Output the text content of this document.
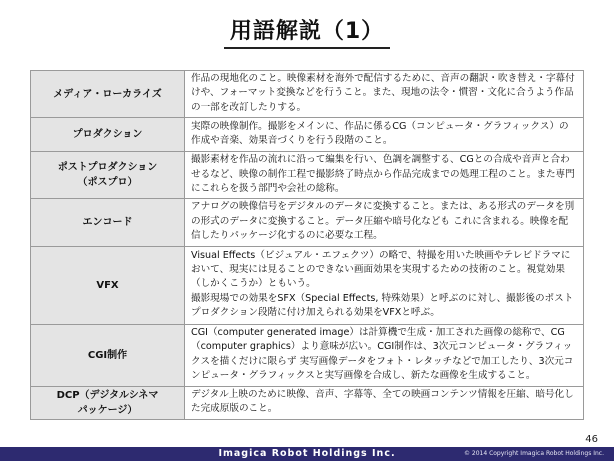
用語解説（1）
メディア・ローカライズ	作品の現地化のこと。映像素材を海外で配信するために、音声の翻訳・吹き替え・字幕付けや、フォーマット変換などを行うこと。また、現地の法令・慣習・文化に合うよう作品の一部を改訂したりする。

プロダクション	実際の映像制作。撮影をメインに、作品に係るCG（コンピュータ・グラフィックス）の作成や音楽、効果音づくりを行う段階のこと。

ポストプロダクション
（ポスプロ）	撮影素材を作品の流れに沿って編集を行い、色調を調整する、CGとの合成や音声と合わせるなど、映像の制作工程で撮影終了時点から作品完成までの処理工程のこと。また専門にこれらを扱う部門や会社の総称。

エンコード	アナログの映像信号をデジタルのデータに変換すること。または、ある形式のデータを別の形式のデータに変換すること。データ圧縮や暗号化なども これに含まれる。映像を配信したりパッケージ化するのに必要な工程。

VFX	Visual Effects（ビジュアル・エフェクツ）の略で、特撮を用いた映画やテレビドラマにおいて、現実には見ることのできない画面効果を実現するための技術のこと。視覚効果（しかくこうか）ともいう。

撮影現場での効果をSFX（Special Effects, 特殊効果）と呼ぶのに対し、撮影後のポストプロダクション段階に付け加えられる効果をVFXと呼ぶ。

CGI制作	CGI（computer generated image）は計算機で生成・加工された画像の総称で、CG（computer graphics）より意味が広い。CGI制作は、3次元コンピュータ・グラフィックスを描くだけに限らず 実写画像データをフォト・レタッチなどで加工したり、3次元コンピュータ・グラフィックスと実写画像を合成し、新たな画像を生成すること。

DCP（デジタルシネマ
パッケージ）	デジタル上映のために映像、音声、字幕等、全ての映画コンテンツ情報を圧縮、暗号化した完成原版のこと。

46
Imagica Robot Holdings Inc.	© 2014 Copyright Imagica Robot Holdings Inc.
